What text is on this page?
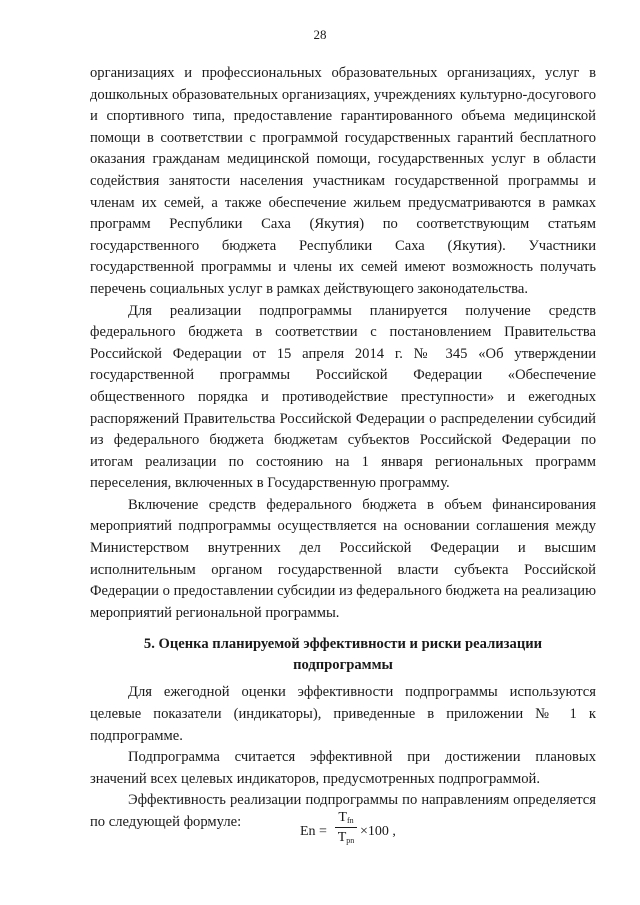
28

организациях и профессиональных образовательных организациях, услуг в дошкольных образовательных организациях, учреждениях культурно-досугового и спортивного типа, предоставление гарантированного объема медицинской помощи в соответствии с программой государственных гарантий бесплатного оказания гражданам медицинской помощи, государственных услуг в области содействия занятости населения участникам государственной программы и членам их семей, а также обеспечение жильем предусматриваются в рамках программ Республики Саха (Якутия) по соответствующим статьям государственного бюджета Республики Саха (Якутия). Участники государственной программы и члены их семей имеют возможность получать перечень социальных услуг в рамках действующего законодательства.

Для реализации подпрограммы планируется получение средств федерального бюджета в соответствии с постановлением Правительства Российской Федерации от 15 апреля 2014 г. № 345 «Об утверждении государственной программы Российской Федерации «Обеспечение общественного порядка и противодействие преступности» и ежегодных распоряжений Правительства Российской Федерации о распределении субсидий из федерального бюджета бюджетам субъектов Российской Федерации по итогам реализации по состоянию на 1 января региональных программ переселения, включенных в Государственную программу.

Включение средств федерального бюджета в объем финансирования мероприятий подпрограммы осуществляется на основании соглашения между Министерством внутренних дел Российской Федерации и высшим исполнительным органом государственной власти субъекта Российской Федерации о предоставлении субсидии из федерального бюджета на реализацию мероприятий региональной программы.

5. Оценка планируемой эффективности и риски реализации
подпрограммы

Для ежегодной оценки эффективности подпрограммы используются целевые показатели (индикаторы), приведенные в приложении № 1 к подпрограмме.

Подпрограмма считается эффективной при достижении плановых значений всех целевых индикаторов, предусмотренных подпрограммой.

Эффективность реализации подпрограммы по направлениям определяется по следующей формуле:

Еn =
$T_{fn}$
$T_{pn}$
×100 ,
